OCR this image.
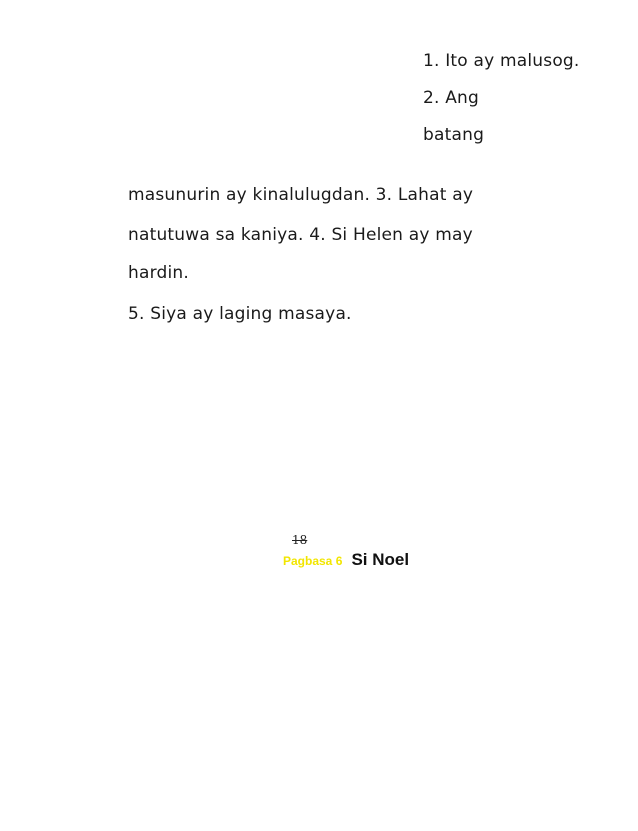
1. Ito ay malusog.
2. Ang
batang
masunurin ay kinalulugdan. 3. Lahat ay
natutuwa sa kaniya. 4. Si Helen ay may
hardin.
5. Siya ay laging masaya.
18
Pagbasa 6 Si Noel
